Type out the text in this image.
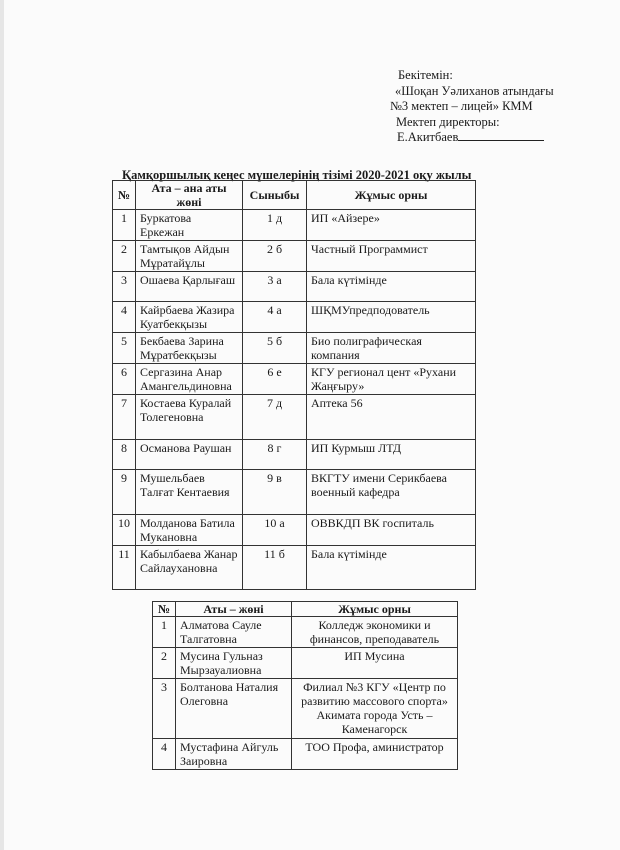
Бекітемін:
«Шоқан Уәлиханов атындағы
№3 мектеп – лицей» КММ
Мектеп директоры:
Е.Акитбаев
Қамқоршылық кеңес мүшелерінің тізімі 2020-2021 оқу жылы
№	Ата – ана аты жөні	Сыныбы	Жұмыс орны
1	Буркатова Еркежан	1 д	ИП «Айзере»
2	Тамтықов Айдын Мұратайұлы	2 б	Частный Программист
3	Ошаева Қарлығаш	3 а	Бала күтімінде
4	Кайрбаева Жазира Куатбекқызы	4 а	ШҚМУпредподователь
5	Бекбаева Зарина Мұратбекқызы	5 б	Био полиграфическая компания
6	Сергазина Анар Амангельдиновна	6 е	КГУ регионал цент «Рухани Жаңғыру»
7	Костаева Куралай Толегеновна	7 д	Аптека 56
8	Османова Раушан	8 г	ИП Курмыш ЛТД
9	Мушельбаев Талғат Кентаевия	9 в	ВКГТУ имени Серикбаева военный кафедра
10	Молданова Батила Мукановна	10 а	ОВВКДП ВК госпиталь
11	Кабылбаева Жанар Сайлаухановна	11 б	Бала күтімінде
№	Аты – жөні	Жұмыс орны
1	Алматова Сауле Талгатовна	Колледж экономики и финансов, преподаватель
2	Мусина Гульназ Мырзауалиовна	ИП Мусина
3	Болтанова Наталия Олеговна	Филиал №3 КГУ «Центр по развитию массового спорта» Акимата города Усть – Каменагорск
4	Мустафина Айгуль Заировна	ТОО Профа, аминистратор
